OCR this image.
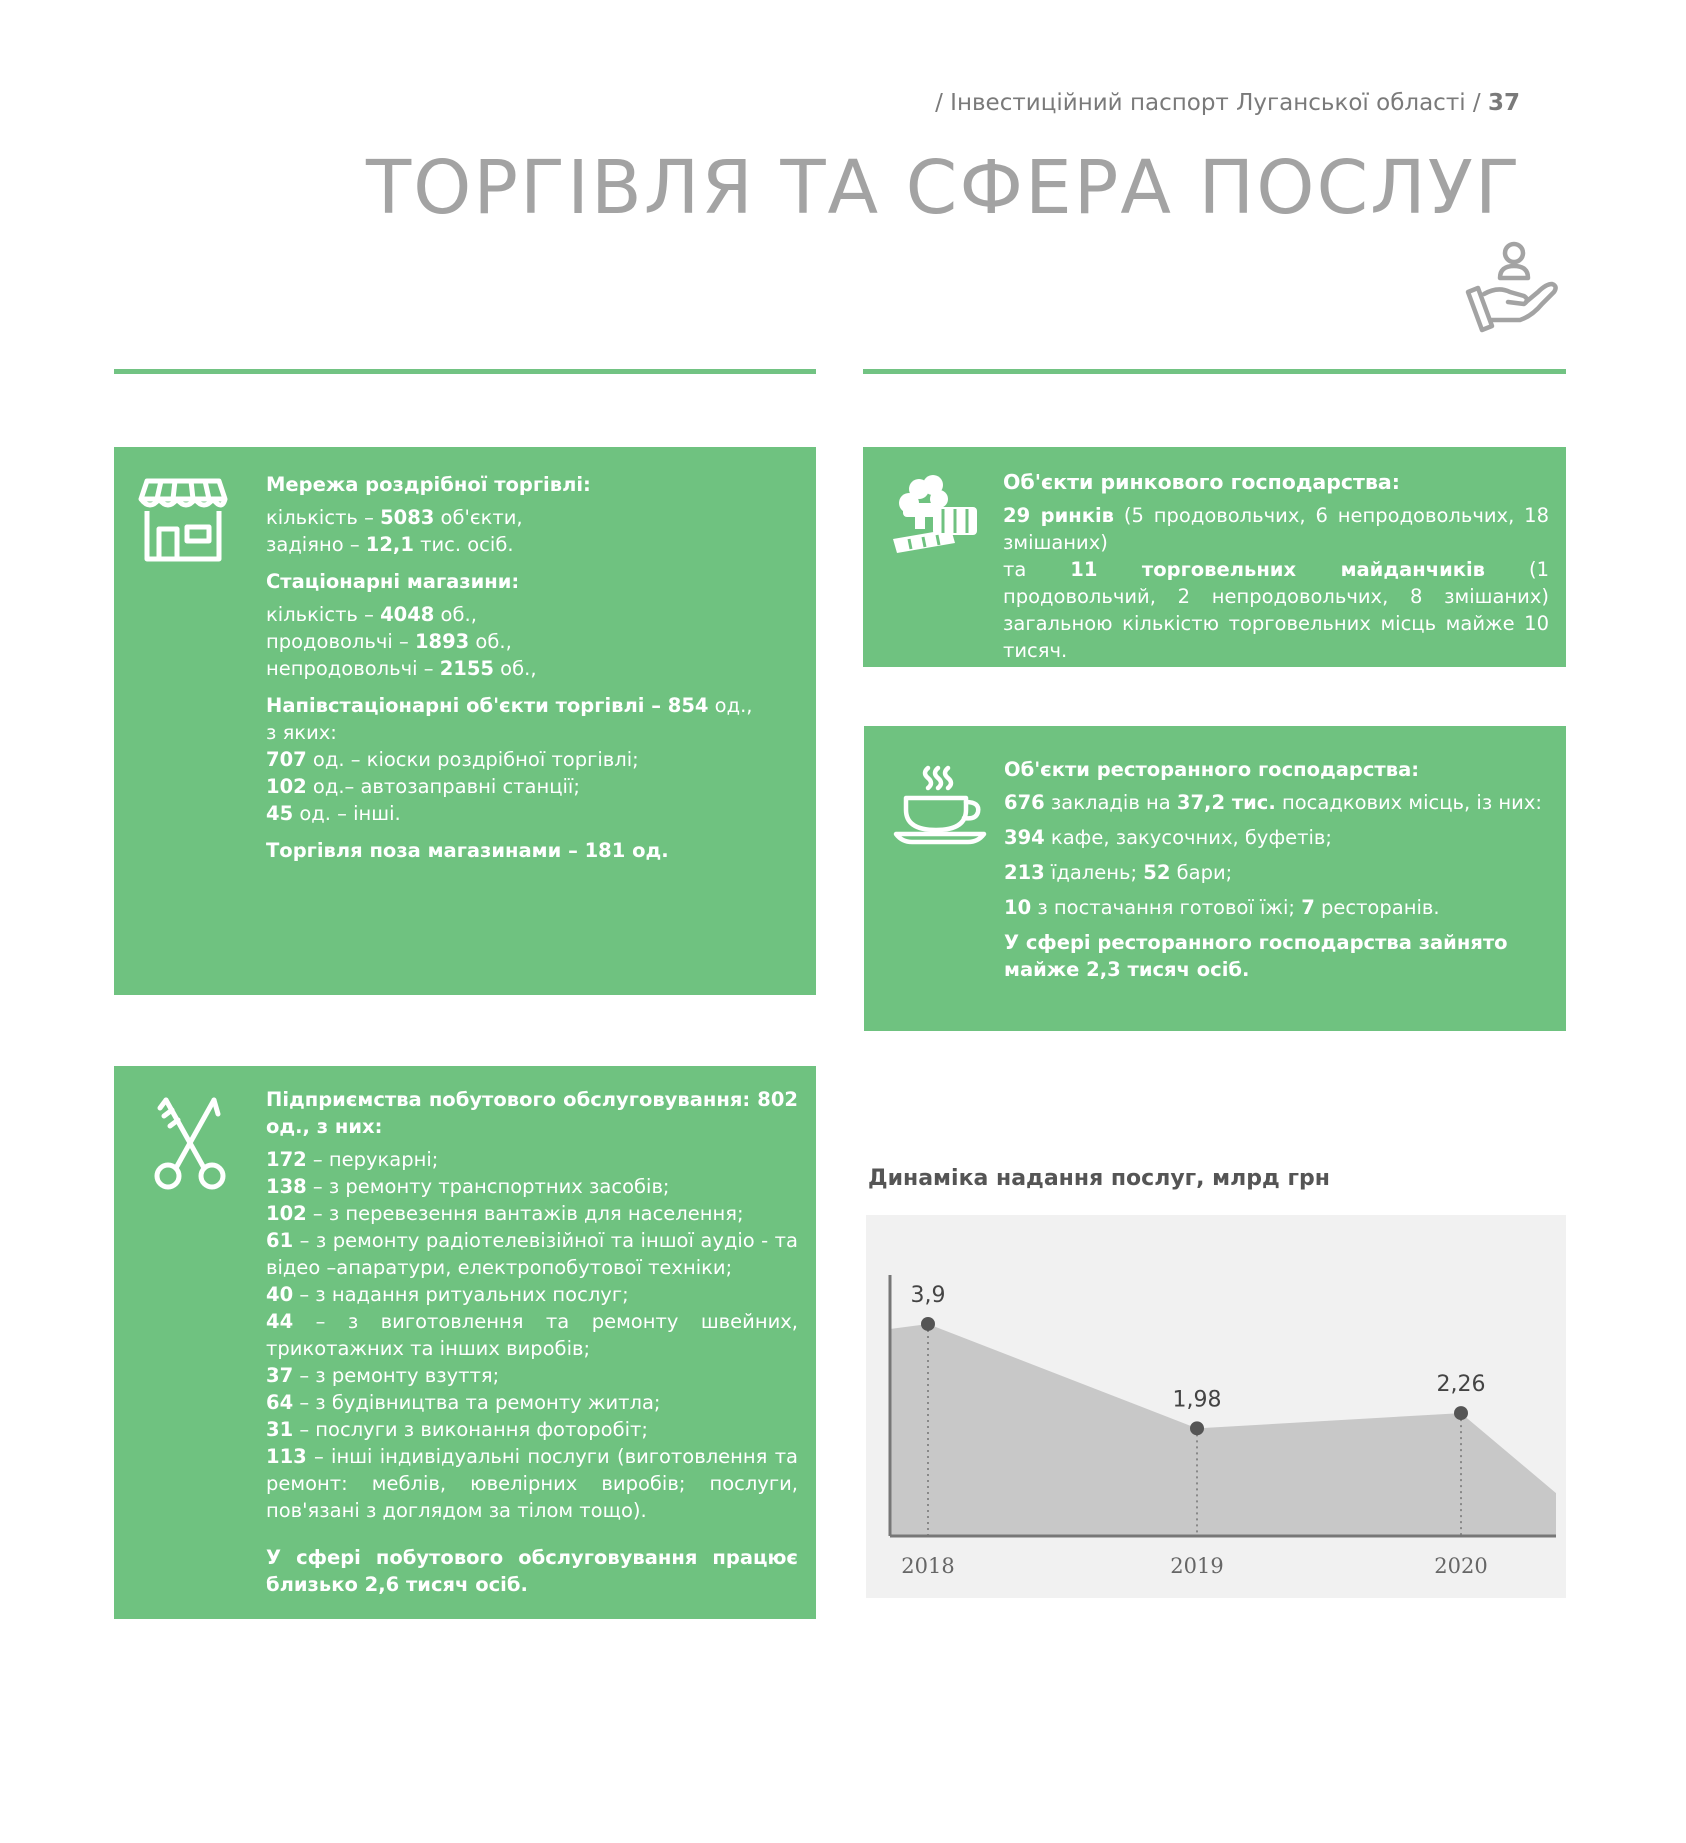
/ Інвестиційний паспорт Луганської області / 37
ТОРГІВЛЯ ТА СФЕРА ПОСЛУГ

Мережа роздрібної торгівлі:

кількість – 5083 об'єкти,

задіяно – 12,1 тис. осіб.

Стаціонарні магазини:

кількість – 4048 об.,

продовольчі – 1893 об.,

непродовольчі – 2155 об.,

Напівстаціонарні об'єкти торгівлі – 854 од.,

з яких:

707 од. – кіоски роздрібної торгівлі;

102 од.– автозаправні станції;

45 од. – інші.

Торгівля поза магазинами – 181 од.

Об'єкти ринкового господарства:

29 ринків (5 продовольчих, 6 непродовольчих, 18 змішаних)

та 11 торговельних майданчиків (1 продовольчий, 2 непродовольчих, 8 змішаних) загальною кількістю торговельних місць майже 10 тисяч.

Об'єкти ресторанного господарства:

676 закладів на 37,2 тис. посадкових місць, із них:

394 кафе, закусочних, буфетів;

213 їдалень; 52 бари;

10 з постачання готової їжі; 7 ресторанів.

У сфері ресторанного господарства зайнято майже 2,3 тисяч осіб.

Підприємства побутового обслуговування: 802 од., з них:

172 – перукарні;

138 – з ремонту транспортних засобів;

102 – з перевезення вантажів для населення;

61 – з ремонту радіотелевізійної та іншої аудіо - та відео –апаратури, електропобутової техніки;

40 – з надання ритуальних послуг;

44 – з виготовлення та ремонту швейних, трикотажних та інших виробів;

37 – з ремонту взуття;

64 – з будівництва та ремонту житла;

31 – послуги з виконання фоторобіт;

113 – інші індивідуальні послуги (виготовлення та ремонт: меблів, ювелірних виробів; послуги, пов'язані з доглядом за тілом тощо).

У сфері побутового обслуговування працює близько 2,6 тисяч осіб.

Динаміка надання послуг, млрд грн
3,9
2018
1,98
2019
2,26
2020
